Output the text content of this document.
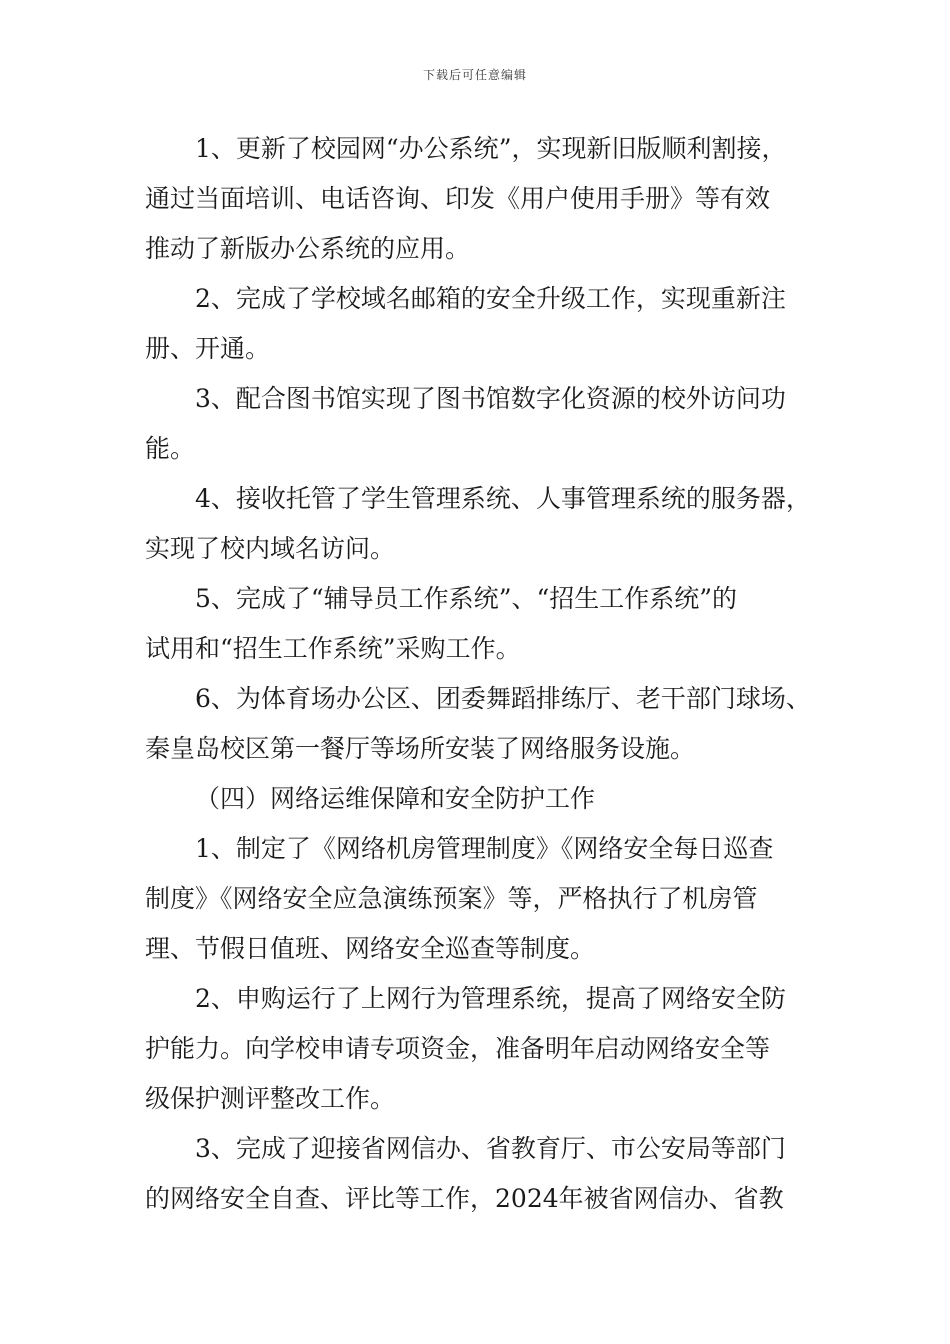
下载后可任意编辑
1、更新了校园网“办公系统”，实现新旧版顺利割接，
通过当面培训、电话咨询、印发《用户使用手册》等有效
推动了新版办公系统的应用。
2、完成了学校域名邮箱的安全升级工作，实现重新注
册、开通。
3、配合图书馆实现了图书馆数字化资源的校外访问功
能。
4、接收托管了学生管理系统、人事管理系统的服务器，
实现了校内域名访问。
5、完成了“辅导员工作系统”、“招生工作系统”的
试用和“招生工作系统”采购工作。
6、为体育场办公区、团委舞蹈排练厅、老干部门球场、
秦皇岛校区第一餐厅等场所安装了网络服务设施。
（四）网络运维保障和安全防护工作
1、制定了《网络机房管理制度》《网络安全每日巡查
制度》《网络安全应急演练预案》等，严格执行了机房管
理、节假日值班、网络安全巡查等制度。
2、申购运行了上网行为管理系统，提高了网络安全防
护能力。向学校申请专项资金，准备明年启动网络安全等
级保护测评整改工作。
3、完成了迎接省网信办、省教育厅、市公安局等部门
的网络安全自查、评比等工作，2024年被省网信办、省教
